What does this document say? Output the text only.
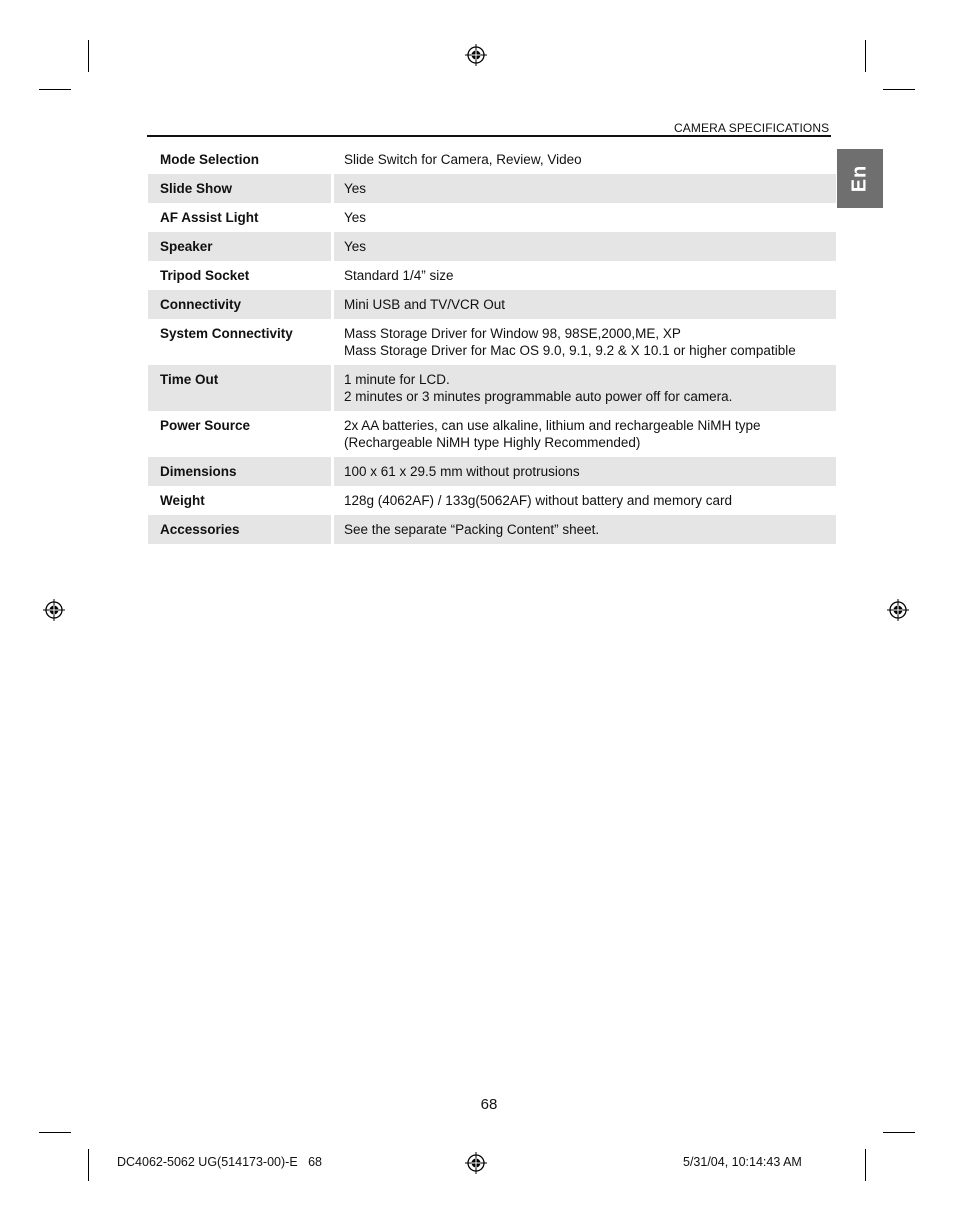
CAMERA SPECIFICATIONS
En
Mode Selection	Slide Switch for Camera, Review, Video

Slide Show	Yes

AF Assist Light	Yes

Speaker	Yes

Tripod Socket	Standard 1/4” size

Connectivity	Mini USB and TV/VCR Out

System Connectivity	Mass Storage Driver for Window 98, 98SE,2000,ME, XP
Mass Storage Driver for Mac OS 9.0, 9.1, 9.2 & X 10.1 or higher compatible

Time Out	1 minute for LCD.
2 minutes or 3 minutes programmable auto power off for camera.

Power Source	2x AA batteries, can use alkaline, lithium and rechargeable NiMH type
(Rechargeable NiMH type Highly Recommended)

Dimensions	100 x 61 x 29.5 mm without protrusions

Weight	128g (4062AF) / 133g(5062AF) without battery and memory card

Accessories	See the separate “Packing Content” sheet.
68
DC4062-5062 UG(514173-00)-E   68	5/31/04, 10:14:43 AM
